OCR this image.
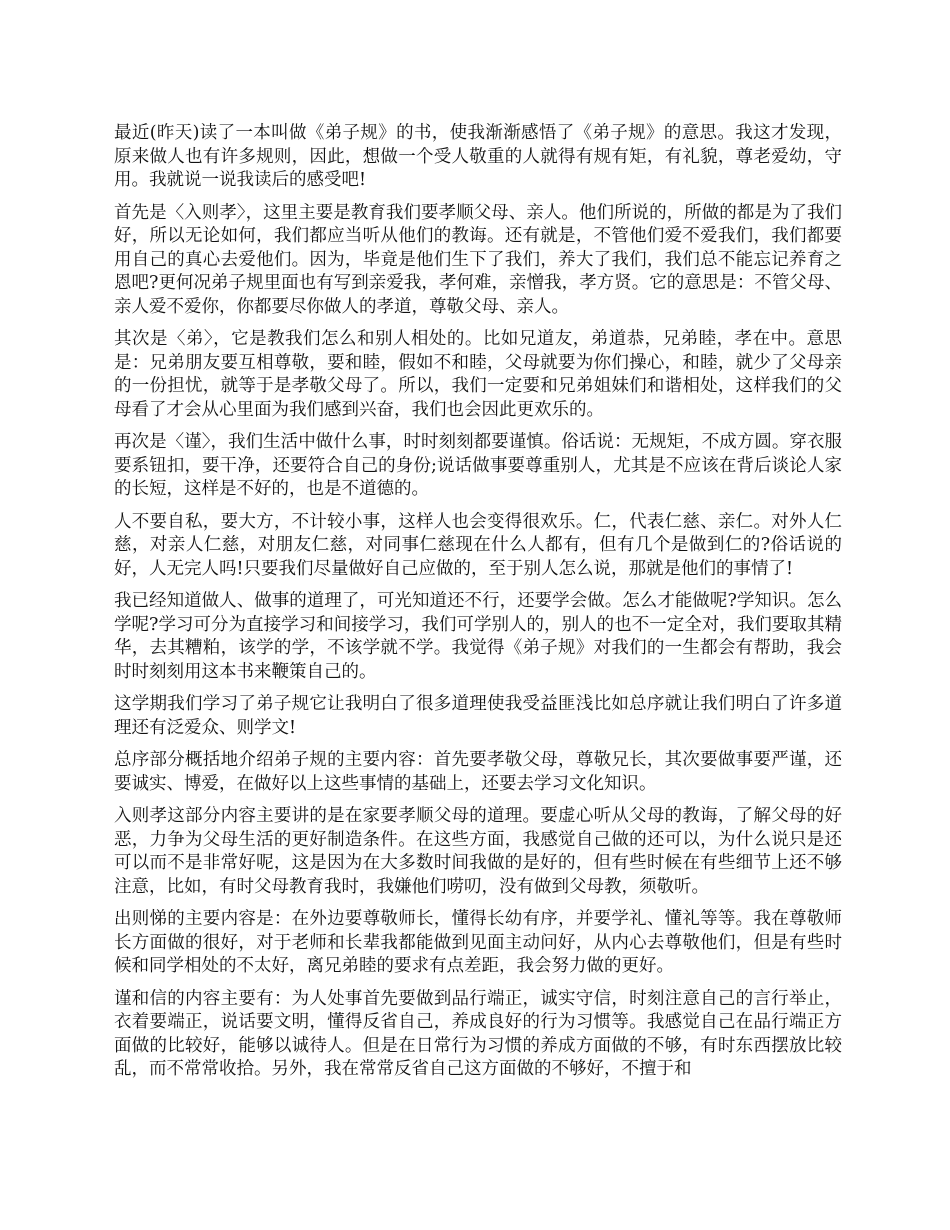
最近(昨天)读了一本叫做《弟子规》的书，使我渐渐感悟了《弟子规》的意思。我这才发现，原来做人也有许多规则，因此，想做一个受人敬重的人就得有规有矩，有礼貌，尊老爱幼，守用。我就说一说我读后的感受吧!

首先是〈入则孝〉，这里主要是教育我们要孝顺父母、亲人。他们所说的，所做的都是为了我们好，所以无论如何，我们都应当听从他们的教诲。还有就是，不管他们爱不爱我们，我们都要用自己的真心去爱他们。因为，毕竟是他们生下了我们，养大了我们，我们总不能忘记养育之恩吧?更何况弟子规里面也有写到亲爱我，孝何难，亲憎我，孝方贤。它的意思是：不管父母、亲人爱不爱你，你都要尽你做人的孝道，尊敬父母、亲人。

其次是〈弟〉，它是教我们怎么和别人相处的。比如兄道友，弟道恭，兄弟睦，孝在中。意思是：兄弟朋友要互相尊敬，要和睦，假如不和睦，父母就要为你们操心，和睦，就少了父母亲的一份担忧，就等于是孝敬父母了。所以，我们一定要和兄弟姐妹们和谐相处，这样我们的父母看了才会从心里面为我们感到兴奋，我们也会因此更欢乐的。

再次是〈谨〉，我们生活中做什么事，时时刻刻都要谨慎。俗话说：无规矩，不成方圆。穿衣服要系钮扣，要干净，还要符合自己的身份;说话做事要尊重别人，尤其是不应该在背后谈论人家的长短，这样是不好的，也是不道德的。

人不要自私，要大方，不计较小事，这样人也会变得很欢乐。仁，代表仁慈、亲仁。对外人仁慈，对亲人仁慈，对朋友仁慈，对同事仁慈现在什么人都有，但有几个是做到仁的?俗话说的好，人无完人吗!只要我们尽量做好自己应做的，至于别人怎么说，那就是他们的事情了!

我已经知道做人、做事的道理了，可光知道还不行，还要学会做。怎么才能做呢?学知识。怎么学呢?学习可分为直接学习和间接学习，我们可学别人的，别人的也不一定全对，我们要取其精华，去其糟粕，该学的学，不该学就不学。我觉得《弟子规》对我们的一生都会有帮助，我会时时刻刻用这本书来鞭策自己的。

这学期我们学习了弟子规它让我明白了很多道理使我受益匪浅比如总序就让我们明白了许多道理还有泛爱众、则学文!

总序部分概括地介绍弟子规的主要内容：首先要孝敬父母，尊敬兄长，其次要做事要严谨，还要诚实、博爱，在做好以上这些事情的基础上，还要去学习文化知识。

入则孝这部分内容主要讲的是在家要孝顺父母的道理。要虚心听从父母的教诲，了解父母的好恶，力争为父母生活的更好制造条件。在这些方面，我感觉自己做的还可以，为什么说只是还可以而不是非常好呢，这是因为在大多数时间我做的是好的，但有些时候在有些细节上还不够注意，比如，有时父母教育我时，我嫌他们唠叨，没有做到父母教，须敬听。

出则悌的主要内容是：在外边要尊敬师长，懂得长幼有序，并要学礼、懂礼等等。我在尊敬师长方面做的很好，对于老师和长辈我都能做到见面主动问好，从内心去尊敬他们，但是有些时候和同学相处的不太好，离兄弟睦的要求有点差距，我会努力做的更好。

谨和信的内容主要有：为人处事首先要做到品行端正，诚实守信，时刻注意自己的言行举止，衣着要端正，说话要文明，懂得反省自己，养成良好的行为习惯等。我感觉自己在品行端正方面做的比较好，能够以诚待人。但是在日常行为习惯的养成方面做的不够，有时东西摆放比较乱，而不常常收拾。另外，我在常常反省自己这方面做的不够好，不擅于和
